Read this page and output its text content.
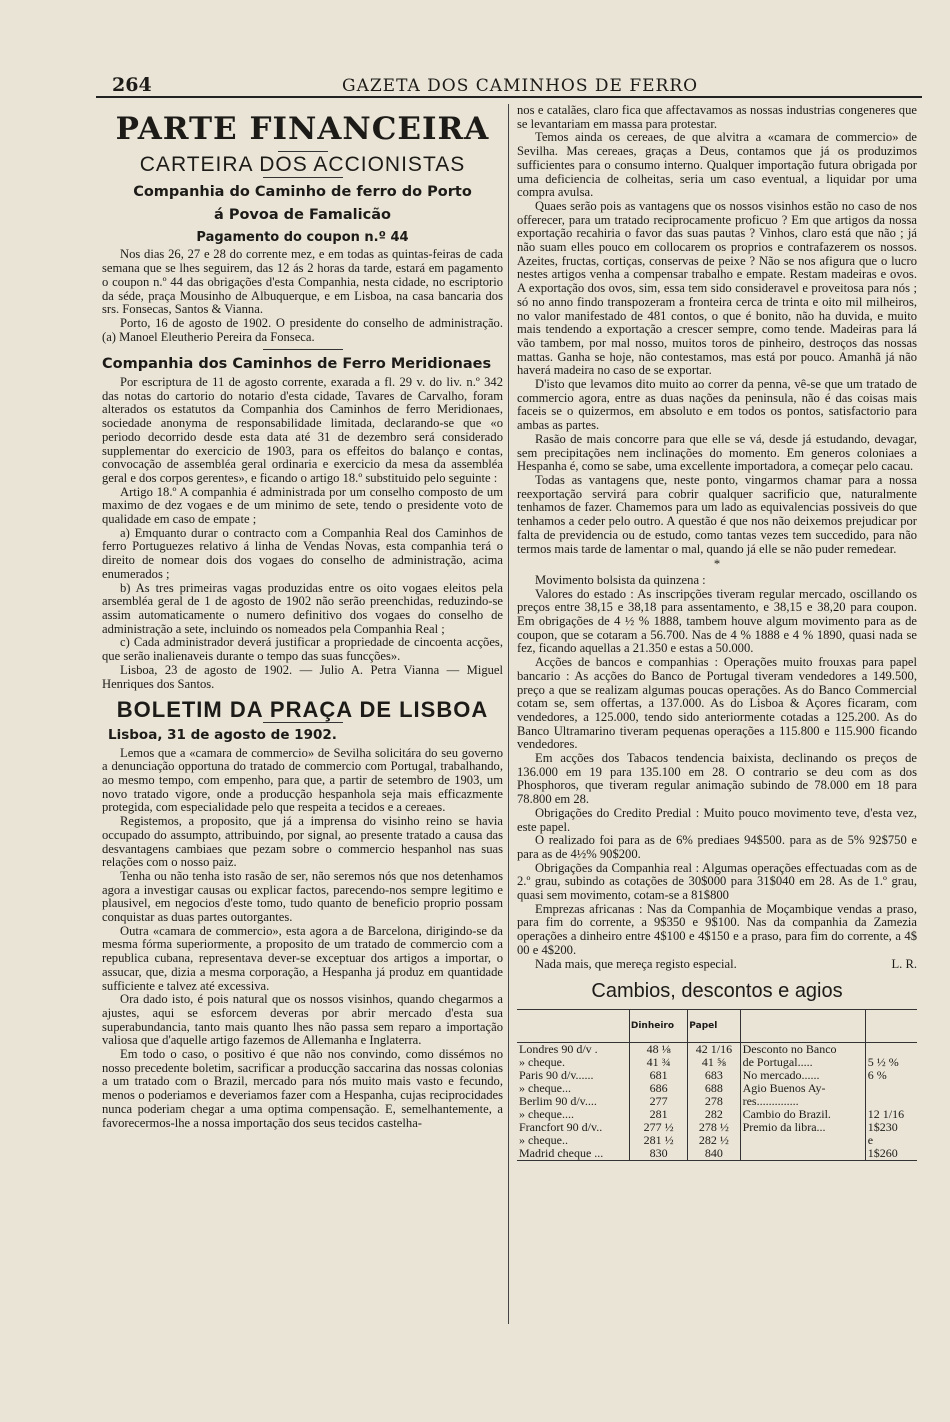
264	GAZETA DOS CAMINHOS DE FERRO
PARTE FINANCEIRA
CARTEIRA DOS ACCIONISTAS
Companhia do Caminho de ferro do Porto
á Povoa de Famalicão
Pagamento do coupon n.º 44

Nos dias 26, 27 e 28 do corrente mez, e em todas as quintas-feiras de cada semana que se lhes seguirem, das 12 ás 2 horas da tarde, estará em pagamento o coupon n.º 44 das obrigações d'esta Companhia, nesta cidade, no escriptorio da séde, praça Mousinho de Albuquerque, e em Lisboa, na casa bancaria dos srs. Fonsecas, Santos & Vianna.

Porto, 16 de agosto de 1902. O presidente do conselho de administração. (a) Manoel Eleutherio Pereira da Fonseca.

Companhia dos Caminhos de Ferro Meridionaes

Por escriptura de 11 de agosto corrente, exarada a fl. 29 v. do liv. n.º 342 das notas do cartorio do notario d'esta cidade, Tavares de Carvalho, foram alterados os estatutos da Companhia dos Caminhos de ferro Meridionaes, sociedade anonyma de responsabilidade limitada, declarando-se que «o periodo decorrido desde esta data até 31 de dezembro será considerado supplementar do exercicio de 1903, para os effeitos do balanço e contas, convocação de assembléa geral ordinaria e exercicio da mesa da assembléa geral e dos corpos gerentes», e ficando o artigo 18.º substituido pelo seguinte :

Artigo 18.º A companhia é administrada por um conselho composto de um maximo de dez vogaes e de um minimo de sete, tendo o presidente voto de qualidade em caso de empate ;

a) Emquanto durar o contracto com a Companhia Real dos Caminhos de ferro Portuguezes relativo á linha de Vendas Novas, esta companhia terá o direito de nomear dois dos vogaes do conselho de administração, acima enumerados ;

b) As tres primeiras vagas produzidas entre os oito vogaes eleitos pela arsembléa geral de 1 de agosto de 1902 não serão preenchidas, reduzindo-se assim automaticamente o numero definitivo dos vogaes do conselho de administração a sete, incluindo os nomeados pela Companhia Real ;

c) Cada administrador deverá justificar a propriedade de cincoenta acções, que serão inalienaveis durante o tempo das suas funcções».

Lisboa, 23 de agosto de 1902. — Julio A. Petra Vianna — Miguel Henriques dos Santos.

BOLETIM DA PRAÇA DE LISBOA
Lisboa, 31 de agosto de 1902.

Lemos que a «camara de commercio» de Sevilha solicitára do seu governo a denunciação opportuna do tratado de commercio com Portugal, trabalhando, ao mesmo tempo, com empenho, para que, a partir de setembro de 1903, um novo tratado vigore, onde a producção hespanhola seja mais efficazmente protegida, com especialidade pelo que respeita a tecidos e a cereaes.

Registemos, a proposito, que já a imprensa do visinho reino se havia occupado do assumpto, attribuindo, por signal, ao presente tratado a causa das desvantagens cambiaes que pezam sobre o commercio hespanhol nas suas relações com o nosso paiz.

Tenha ou não tenha isto rasão de ser, não seremos nós que nos detenhamos agora a investigar causas ou explicar factos, parecendo-nos sempre legitimo e plausivel, em negocios d'este tomo, tudo quanto de beneficio proprio possam conquistar as duas partes outorgantes.

Outra «camara de commercio», esta agora a de Barcelona, dirigindo-se da mesma fórma superiormente, a proposito de um tratado de commercio com a republica cubana, representava dever-se exceptuar dos artigos a importar, o assucar, que, dizia a mesma corporação, a Hespanha já produz em quantidade sufficiente e talvez até excessiva.

Ora dado isto, é pois natural que os nossos visinhos, quando chegarmos a ajustes, aqui se esforcem deveras por abrir mercado d'esta sua superabundancia, tanto mais quanto lhes não passa sem reparo a importação valiosa que d'aquelle artigo fazemos de Allemanha e Inglaterra.

Em todo o caso, o positivo é que não nos convindo, como dissémos no nosso precedente boletim, sacrificar a producção saccarina das nossas colonias a um tratado com o Brazil, mercado para nós muito mais vasto e fecundo, menos o poderiamos e deveriamos fazer com a Hespanha, cujas reciprocidades nunca poderiam chegar a uma optima compensação. E, semelhantemente, a favorecermos-lhe a nossa importação dos seus tecidos castelha-

nos e catalães, claro fica que affectavamos as nossas industrias congeneres que se levantariam em massa para protestar.

Temos ainda os cereaes, de que alvitra a «camara de commercio» de Sevilha. Mas cereaes, graças a Deus, contamos que já os produzimos sufficientes para o consumo interno. Qualquer importação futura obrigada por uma deficiencia de colheitas, seria um caso eventual, a liquidar por uma compra avulsa.

Quaes serão pois as vantagens que os nossos visinhos estão no caso de nos offerecer, para um tratado reciprocamente proficuo ? Em que artigos da nossa exportação recahiria o favor das suas pautas ? Vinhos, claro está que não ; já não suam elles pouco em collocarem os proprios e contrafazerem os nossos. Azeites, fructas, cortiças, conservas de peixe ? Não se nos afigura que o lucro nestes artigos venha a compensar trabalho e empate. Restam madeiras e ovos. A exportação dos ovos, sim, essa tem sido consideravel e proveitosa para nós ; só no anno findo transpozeram a fronteira cerca de trinta e oito mil milheiros, no valor manifestado de 481 contos, o que é bonito, não ha duvida, e muito mais tendendo a exportação a crescer sempre, como tende. Madeiras para lá vão tambem, por mal nosso, muitos toros de pinheiro, destroços das nossas mattas. Ganha se hoje, não contestamos, mas está por pouco. Amanhã já não haverá madeira no caso de se exportar.

D'isto que levamos dito muito ao correr da penna, vê-se que um tratado de commercio agora, entre as duas nações da peninsula, não é das coisas mais faceis se o quizermos, em absoluto e em todos os pontos, satisfactorio para ambas as partes.

Rasão de mais concorre para que elle se vá, desde já estudando, devagar, sem precipitações nem inclinações do momento. Em generos coloniaes a Hespanha é, como se sabe, uma excellente importadora, a começar pelo cacau.

Todas as vantagens que, neste ponto, vingarmos chamar para a nossa reexportação servirá para cobrir qualquer sacrificio que, naturalmente tenhamos de fazer. Chamemos para um lado as equivalencias possiveis do que tenhamos a ceder pelo outro. A questão é que nos não deixemos prejudicar por falta de previdencia ou de estudo, como tantas vezes tem succedido, para não termos mais tarde de lamentar o mal, quando já elle se não puder remedear.

*

Movimento bolsista da quinzena :

Valores do estado : As inscripções tiveram regular mercado, oscillando os preços entre 38,15 e 38,18 para assentamento, e 38,15 e 38,20 para coupon. Em obrigações de 4 ½ % 1888, tambem houve algum movimento para as de coupon, que se cotaram a 56.700. Nas de 4 % 1888 e 4 % 1890, quasi nada se fez, ficando aquellas a 21.350 e estas a 50.000.

Acções de bancos e companhias : Operações muito frouxas para papel bancario : As acções do Banco de Portugal tiveram vendedores a 149.500, preço a que se realizam algumas poucas operações. As do Banco Commercial cotam se, sem offertas, a 137.000. As do Lisboa & Açores ficaram, com vendedores, a 125.000, tendo sido anteriormente cotadas a 125.200. As do Banco Ultramarino tiveram pequenas operações a 115.800 e 115.900 ficando vendedores.

Em acções dos Tabacos tendencia baixista, declinando os preços de 136.000 em 19 para 135.100 em 28. O contrario se deu com as dos Phosphoros, que tiveram regular animação subindo de 78.000 em 18 para 78.800 em 28.

Obrigações do Credito Predial : Muito pouco movimento teve, d'esta vez, este papel.

O realizado foi para as de 6% prediaes 94$500. para as de 5% 92$750 e para as de 4½% 90$200.

Obrigações da Companhia real : Algumas operações effectuadas com as de 2.º grau, subindo as cotações de 30$000 para 31$040 em 28. As de 1.º grau, quasi sem movimento, cotam-se a 81$800

Emprezas africanas : Nas da Companhia de Moçambique vendas a praso, para fim do corrente, a 9$350 e 9$100. Nas da companhia da Zamezia operações a dinheiro entre 4$100 e 4$150 e a praso, para fim do corrente, a 4$ 00 e 4$200.

Nada mais, que mereça registo especial.	L. R.

Cambios, descontos e agios
	Dinheiro	Papel		
Londres 90 d/v .	48 ⅛	42 1/16	Desconto no Banco	
» cheque.	41 ¾	41 ⅝	de Portugal.....	5 ½ %
Paris 90 d/v......	681	683	No mercado......	6 %
» cheque...	686	688	Agio Buenos Ay-	
Berlim 90 d/v....	277	278	res..............	
» cheque....	281	282	Cambio do Brazil.	12 1/16
Francfort 90 d/v..	277 ½	278 ½	Premio da libra...	1$230
» cheque..	281 ½	282 ½		e
Madrid cheque ...	830	840		1$260
